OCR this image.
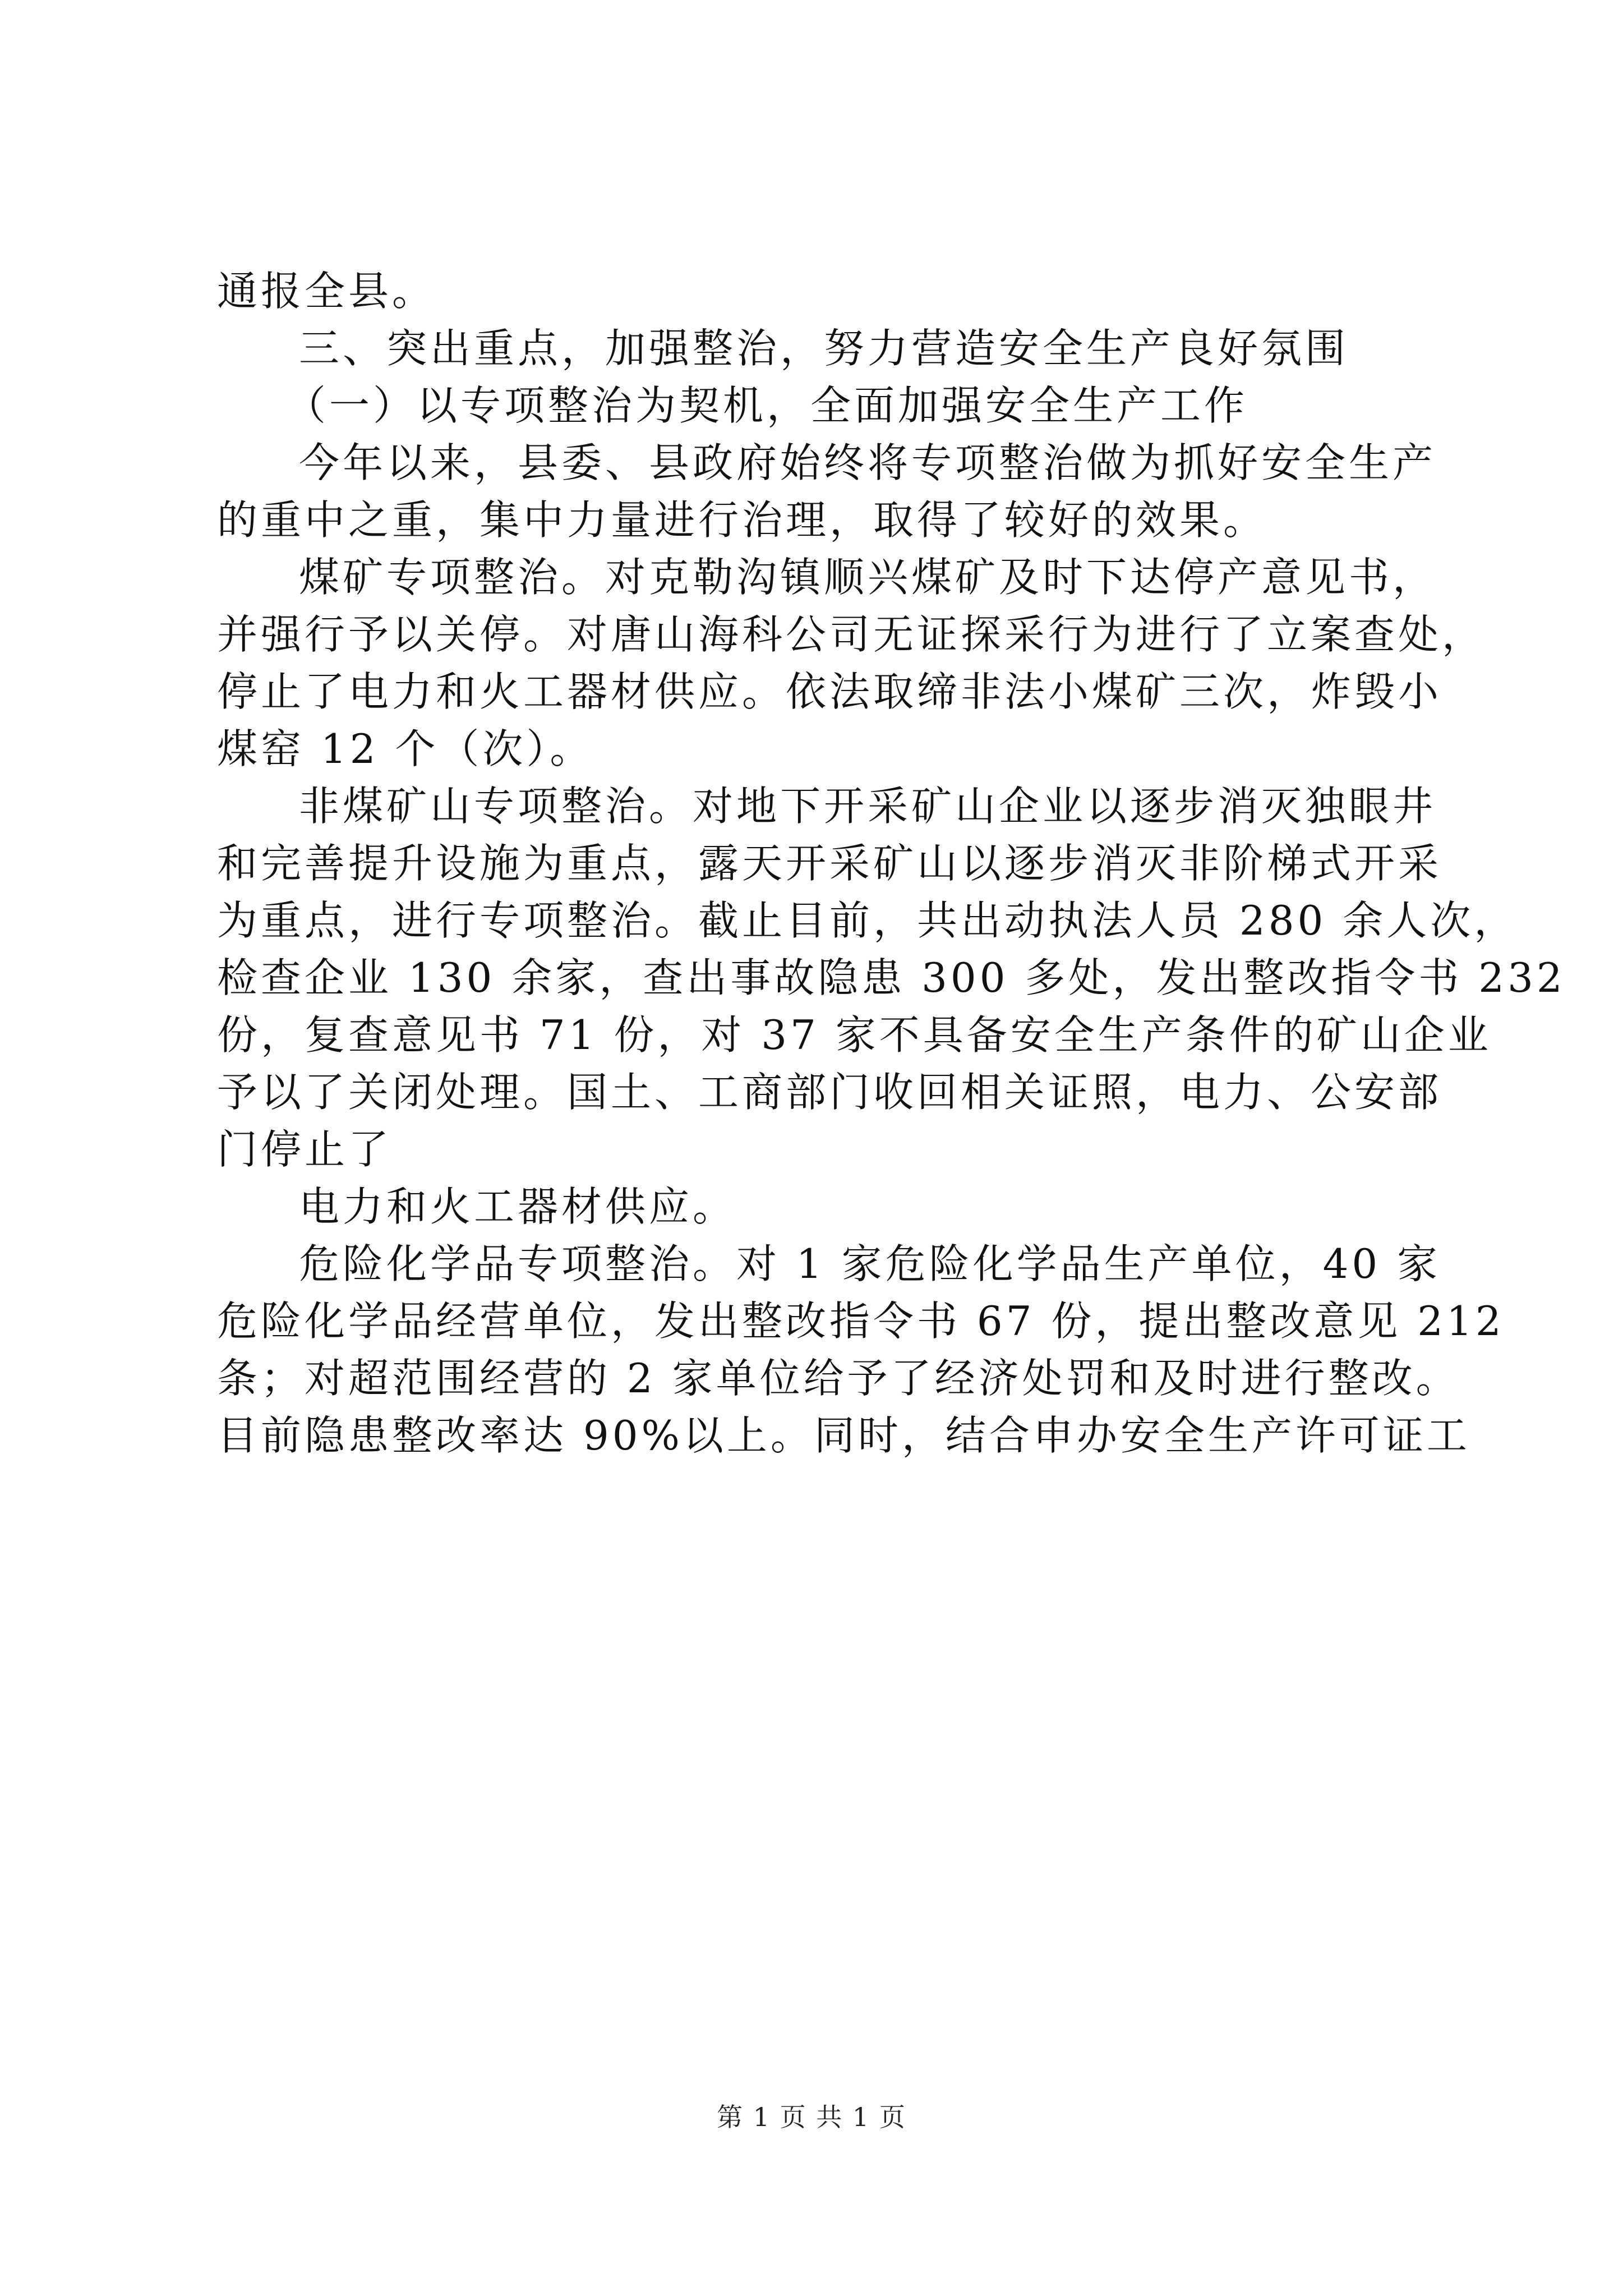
通报全县。
三、突出重点，加强整治，努力营造安全生产良好氛围
（一）以专项整治为契机，全面加强安全生产工作
今年以来，县委、县政府始终将专项整治做为抓好安全生产
的重中之重，集中力量进行治理，取得了较好的效果。
煤矿专项整治。对克勒沟镇顺兴煤矿及时下达停产意见书，
并强行予以关停。对唐山海科公司无证探采行为进行了立案查处，
停止了电力和火工器材供应。依法取缔非法小煤矿三次，炸毁小
煤窑 12 个（次）。
非煤矿山专项整治。对地下开采矿山企业以逐步消灭独眼井
和完善提升设施为重点，露天开采矿山以逐步消灭非阶梯式开采
为重点，进行专项整治。截止目前，共出动执法人员 280 余人次，
检查企业 130 余家，查出事故隐患 300 多处，发出整改指令书 232
份，复查意见书 71 份，对 37 家不具备安全生产条件的矿山企业
予以了关闭处理。国土、工商部门收回相关证照，电力、公安部
门停止了
电力和火工器材供应。
危险化学品专项整治。对 1 家危险化学品生产单位，40 家
危险化学品经营单位，发出整改指令书 67 份，提出整改意见 212
条；对超范围经营的 2 家单位给予了经济处罚和及时进行整改。
目前隐患整改率达 90%以上。同时，结合申办安全生产许可证工
第 1 页 共 1 页
